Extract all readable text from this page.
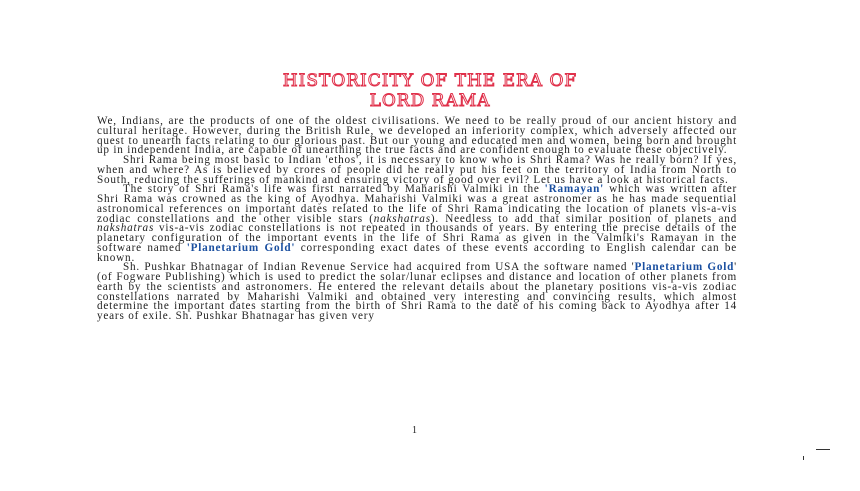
HISTORICITY OF THE ERA OF
LORD RAMA

We, Indians, are the products of one of the oldest civilisations. We need to be really proud of our ancient history and cultural heritage. However, during the British Rule, we developed an inferiority complex, which adversely affected our quest to unearth facts relating to our glorious past. But our young and educated men and women, being born and brought up in independent India, are capable of unearthing the true facts and are confident enough to evaluate these objectively.

Shri Rama being most basic to Indian 'ethos', it is necessary to know who is Shri Rama? Was he really born? If yes, when and where? As is believed by crores of people did he really put his feet on the territory of India from North to South, reducing the sufferings of mankind and ensuring victory of good over evil? Let us have a look at historical facts.

The story of Shri Rama's life was first narrated by Maharishi Valmiki in the 'Ramayan' which was written after Shri Rama was crowned as the king of Ayodhya. Maharishi Valmiki was a great astronomer as he has made sequential astronomical references on important dates related to the life of Shri Rama indicating the location of planets vis-a-vis zodiac constellations and the other visible stars (nakshatras). Needless to add that similar position of planets and nakshatras vis-a-vis zodiac constellations is not repeated in thousands of years. By entering the precise details of the planetary configuration of the important events in the life of Shri Rama as given in the Valmiki's Ramayan in the software named 'Planetarium Gold' corresponding exact dates of these events according to English calendar can be known.

Sh. Pushkar Bhatnagar of Indian Revenue Service had acquired from USA the software named 'Planetarium Gold' (of Fogware Publishing) which is used to predict the solar/lunar eclipses and distance and location of other planets from earth by the scientists and astronomers. He entered the relevant details about the planetary positions vis-a-vis zodiac constellations narrated by Maharishi Valmiki and obtained very interesting and convincing results, which almost determine the important dates starting from the birth of Shri Rama to the date of his coming back to Ayodhya after 14 years of exile. Sh. Pushkar Bhatnagar has given very

1
